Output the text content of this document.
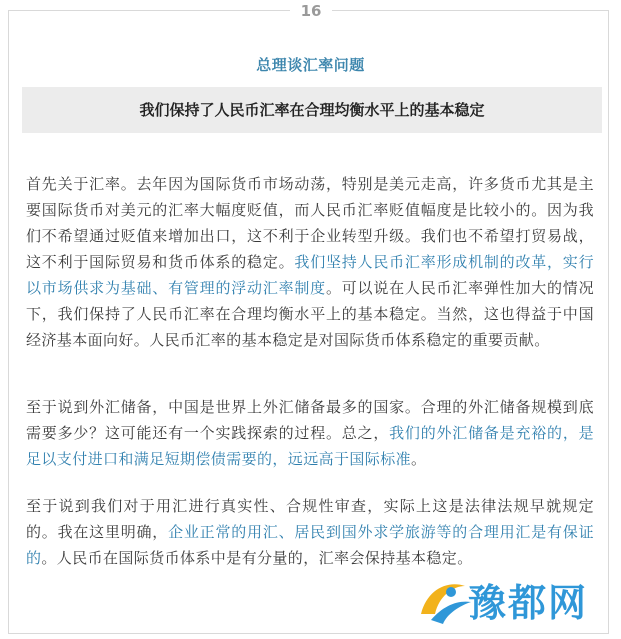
16
总理谈汇率问题
我们保持了人民币汇率在合理均衡水平上的基本稳定
首先关于汇率。去年因为国际货币市场动荡，特别是美元走高，许多货币尤其是主要国际货币对美元的汇率大幅度贬值，而人民币汇率贬值幅度是比较小的。因为我们不希望通过贬值来增加出口，这不利于企业转型升级。我们也不希望打贸易战，这不利于国际贸易和货币体系的稳定。我们坚持人民币汇率形成机制的改革，实行以市场供求为基础、有管理的浮动汇率制度。可以说在人民币汇率弹性加大的情况下，我们保持了人民币汇率在合理均衡水平上的基本稳定。当然，这也得益于中国经济基本面向好。人民币汇率的基本稳定是对国际货币体系稳定的重要贡献。
至于说到外汇储备，中国是世界上外汇储备最多的国家。合理的外汇储备规模到底需要多少？这可能还有一个实践探索的过程。总之，我们的外汇储备是充裕的，是足以支付进口和满足短期偿债需要的，远远高于国际标准。
至于说到我们对于用汇进行真实性、合规性审查，实际上这是法律法规早就规定的。我在这里明确，企业正常的用汇、居民到国外求学旅游等的合理用汇是有保证的。人民币在国际货币体系中是有分量的，汇率会保持基本稳定。
豫都网
